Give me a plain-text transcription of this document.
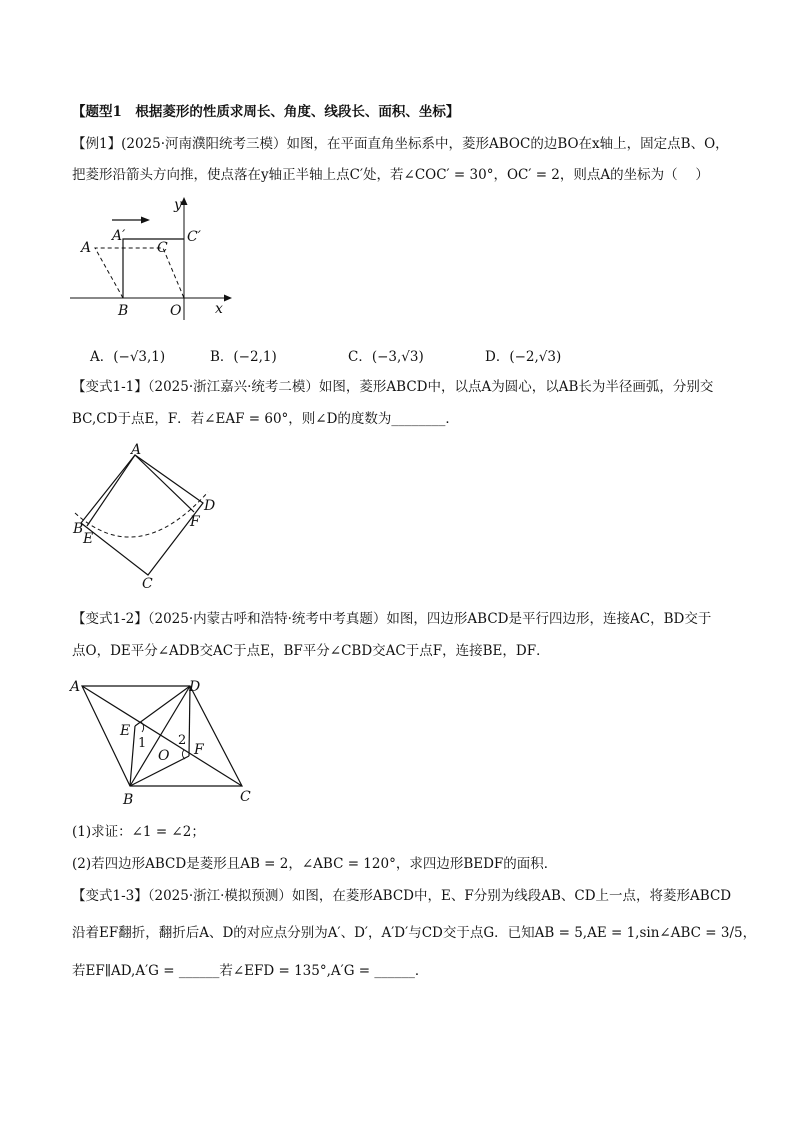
【题型1　根据菱形的性质求周长、角度、线段长、面积、坐标】
【例1】(2025·河南濮阳统考三模）如图，在平面直角坐标系中，菱形ABOC的边BO在x轴上，固定点B、O，
把菱形沿箭头方向推，使点落在y轴正半轴上点C′处，若∠COC′ = 30°，OC′ = 2，则点A的坐标为（　 ）
y
x
A
A′
C
C′
B	O
A．(−√3,1)	B．(−2,1)	C．(−3,√3)	D．(−2,√3)
【变式1-1】（2025·浙江嘉兴·统考二模）如图，菱形ABCD中，以点A为圆心，以AB长为半径画弧，分别交
BC,CD于点E，F．若∠EAF = 60°，则∠D的度数为________．
A
B
C
D
E
F
【变式1-2】（2025·内蒙古呼和浩特·统考中考真题）如图，四边形ABCD是平行四边形，连接AC，BD交于
点O，DE平分∠ADB交AC于点E，BF平分∠CBD交AC于点F，连接BE，DF．
A	D
B	C
E
F
O
1 2
(1)求证：∠1 = ∠2；
(2)若四边形ABCD是菱形且AB = 2，∠ABC = 120°，求四边形BEDF的面积．
【变式1-3】（2025·浙江·模拟预测）如图，在菱形ABCD中，E、F分别为线段AB、CD上一点，将菱形ABCD
沿着EF翻折，翻折后A、D的对应点分别为A′、D′，A′D′与CD交于点G．已知AB = 5,AE = 1,sin∠ABC = 3/5，
若EF∥AD,A′G = ______若∠EFD = 135°,A′G = ______．
